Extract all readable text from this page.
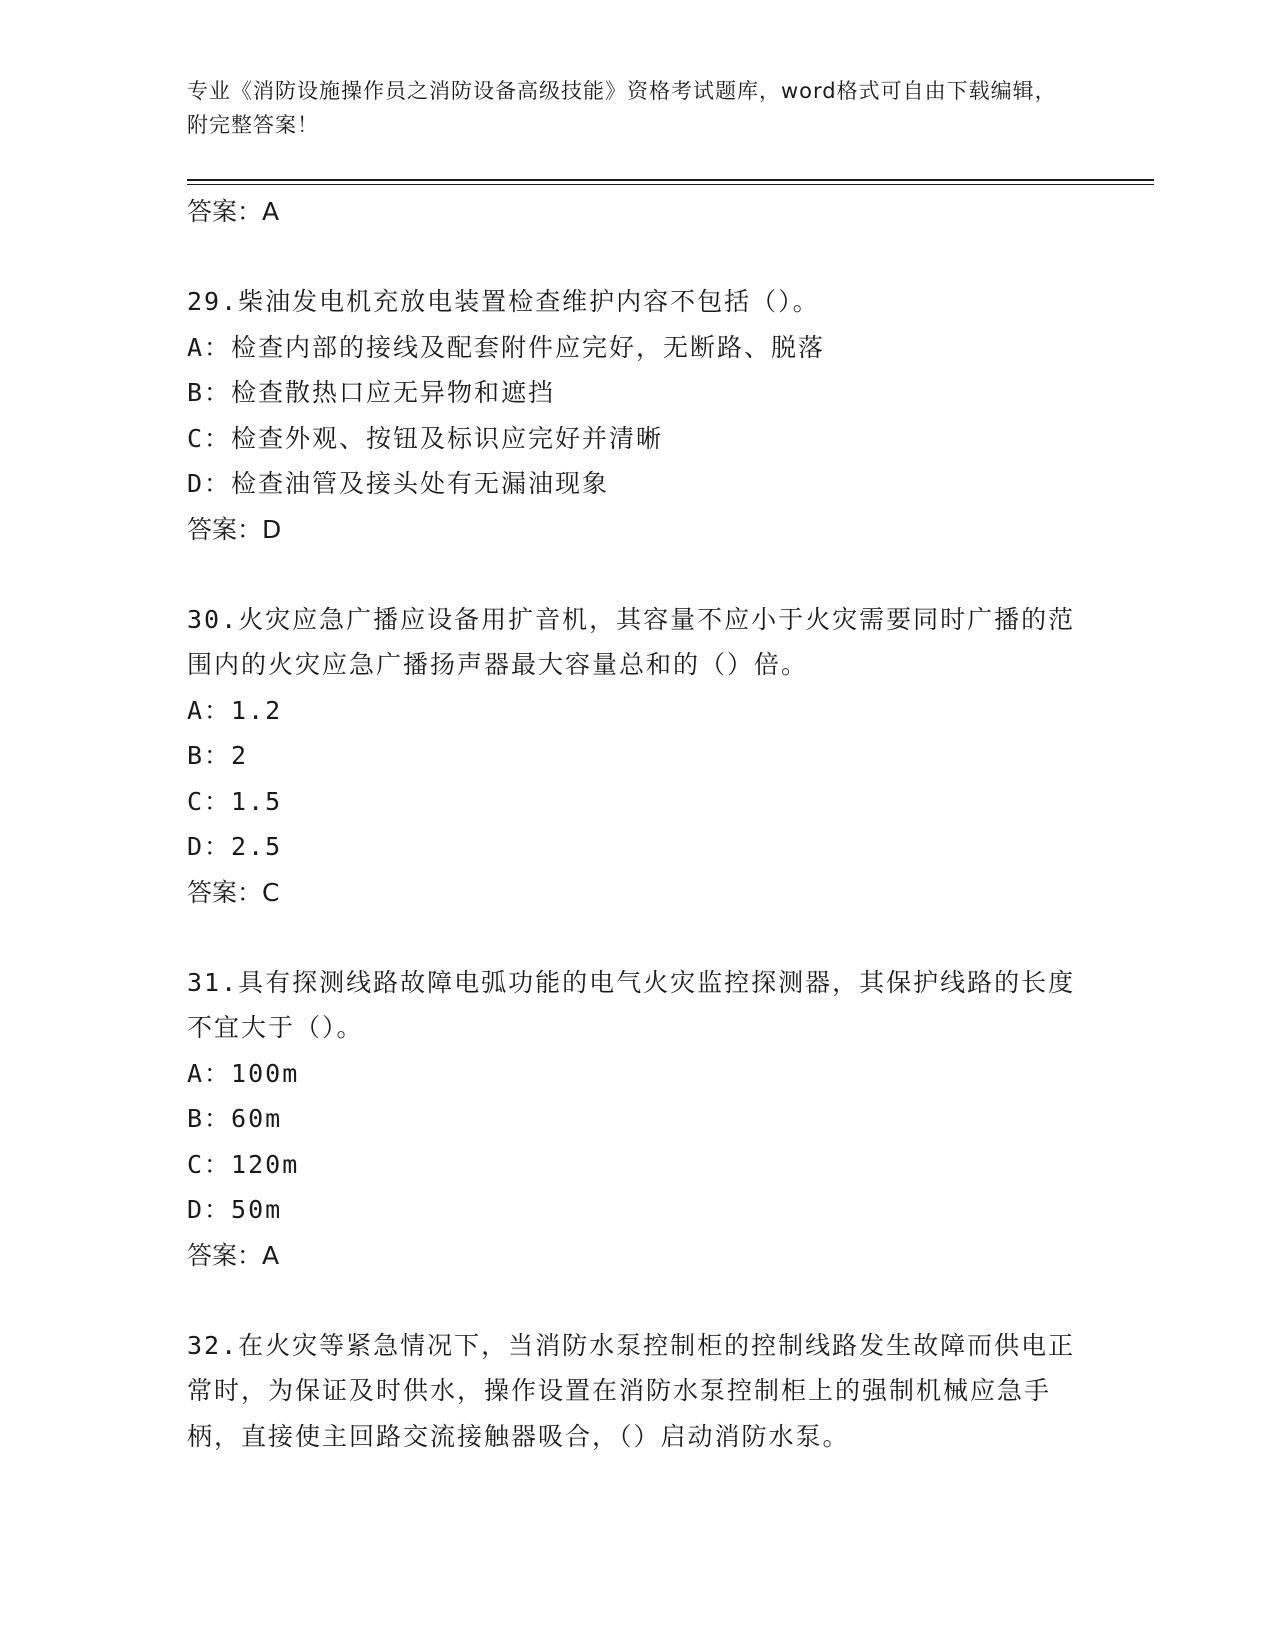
专业《消防设施操作员之消防设备高级技能》资格考试题库，word格式可自由下载编辑，附完整答案！
答案：A
29.柴油发电机充放电装置检查维护内容不包括（）。
A：检查内部的接线及配套附件应完好，无断路、脱落
B：检查散热口应无异物和遮挡
C：检查外观、按钮及标识应完好并清晰
D：检查油管及接头处有无漏油现象
答案：D
30.火灾应急广播应设备用扩音机，其容量不应小于火灾需要同时广播的范围内的火灾应急广播扬声器最大容量总和的（）倍。
A：1.2
B：2
C：1.5
D：2.5
答案：C
31.具有探测线路故障电弧功能的电气火灾监控探测器，其保护线路的长度不宜大于（）。
A：100m
B：60m
C：120m
D：50m
答案：A
32.在火灾等紧急情况下，当消防水泵控制柜的控制线路发生故障而供电正常时，为保证及时供水，操作设置在消防水泵控制柜上的强制机械应急手柄，直接使主回路交流接触器吸合，（）启动消防水泵。
